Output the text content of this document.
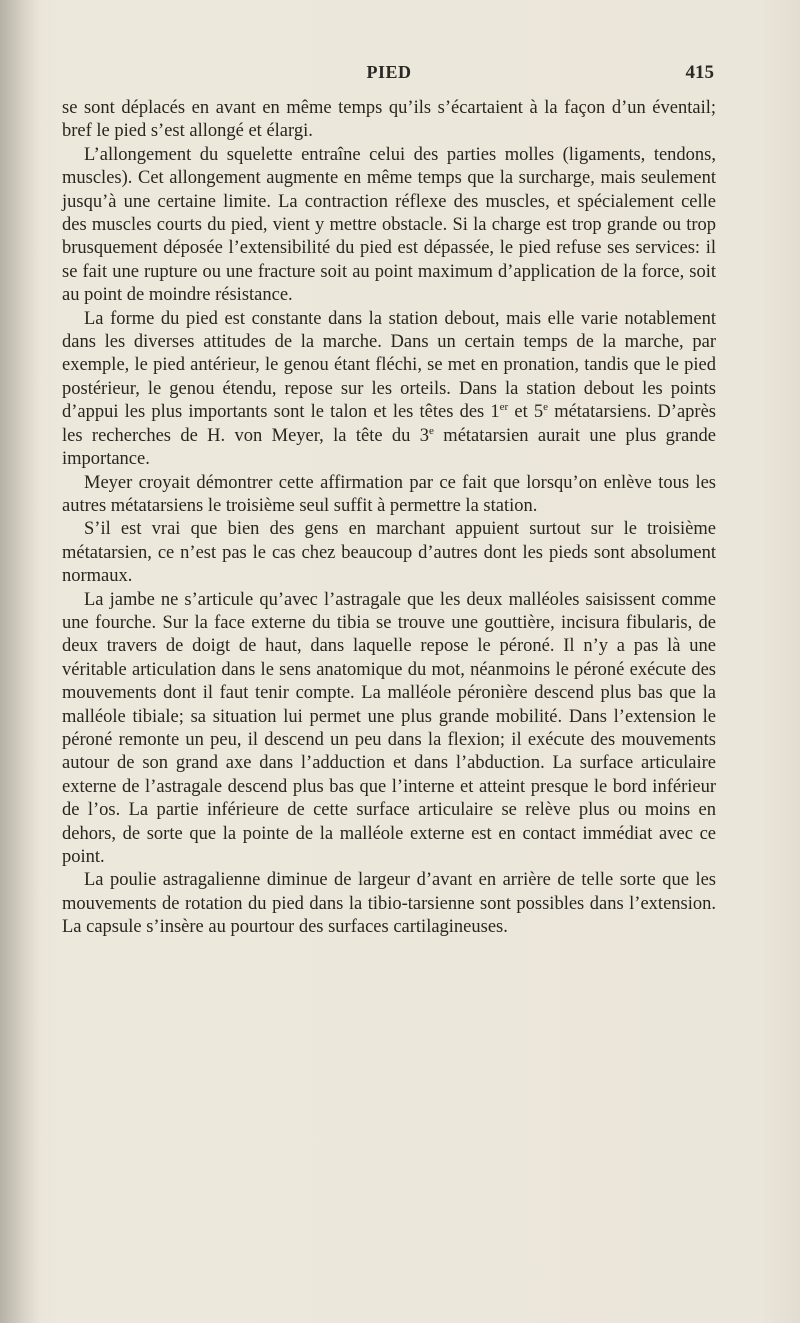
PIED	415

se sont déplacés en avant en même temps qu’ils s’écartaient à la façon d’un éventail; bref le pied s’est allongé et élargi.

L’allongement du squelette entraîne celui des parties molles (ligaments, tendons, muscles). Cet allongement augmente en même temps que la surcharge, mais seulement jusqu’à une certaine limite. La contraction réflexe des muscles, et spécialement celle des muscles courts du pied, vient y mettre obstacle. Si la charge est trop grande ou trop brusquement déposée l’extensibilité du pied est dépassée, le pied refuse ses services: il se fait une rupture ou une fracture soit au point maximum d’application de la force, soit au point de moindre résistance.

La forme du pied est constante dans la station debout, mais elle varie notablement dans les diverses attitudes de la marche. Dans un certain temps de la marche, par exemple, le pied antérieur, le genou étant fléchi, se met en pronation, tandis que le pied postérieur, le genou étendu, repose sur les orteils. Dans la station debout les points d’appui les plus importants sont le talon et les têtes des 1er et 5e métatarsiens. D’après les recherches de H. von Meyer, la tête du 3e métatarsien aurait une plus grande importance.

Meyer croyait démontrer cette affirmation par ce fait que lorsqu’on enlève tous les autres métatarsiens le troisième seul suffit à permettre la station.

S’il est vrai que bien des gens en marchant appuient surtout sur le troisième métatarsien, ce n’est pas le cas chez beaucoup d’autres dont les pieds sont absolument normaux.

La jambe ne s’articule qu’avec l’astragale que les deux malléoles saisissent comme une fourche. Sur la face externe du tibia se trouve une gouttière, incisura fibularis, de deux travers de doigt de haut, dans laquelle repose le péroné. Il n’y a pas là une véritable articulation dans le sens anatomique du mot, néanmoins le péroné exécute des mouvements dont il faut tenir compte. La malléole péronière descend plus bas que la malléole tibiale; sa situation lui permet une plus grande mobilité. Dans l’extension le péroné remonte un peu, il descend un peu dans la flexion; il exécute des mouvements autour de son grand axe dans l’adduction et dans l’abduction. La surface articulaire externe de l’astragale descend plus bas que l’interne et atteint presque le bord inférieur de l’os. La partie inférieure de cette surface articulaire se relève plus ou moins en dehors, de sorte que la pointe de la malléole externe est en contact immédiat avec ce point.

La poulie astragalienne diminue de largeur d’avant en arrière de telle sorte que les mouvements de rotation du pied dans la tibio-tarsienne sont possibles dans l’extension. La capsule s’insère au pourtour des surfaces cartilagineuses.
